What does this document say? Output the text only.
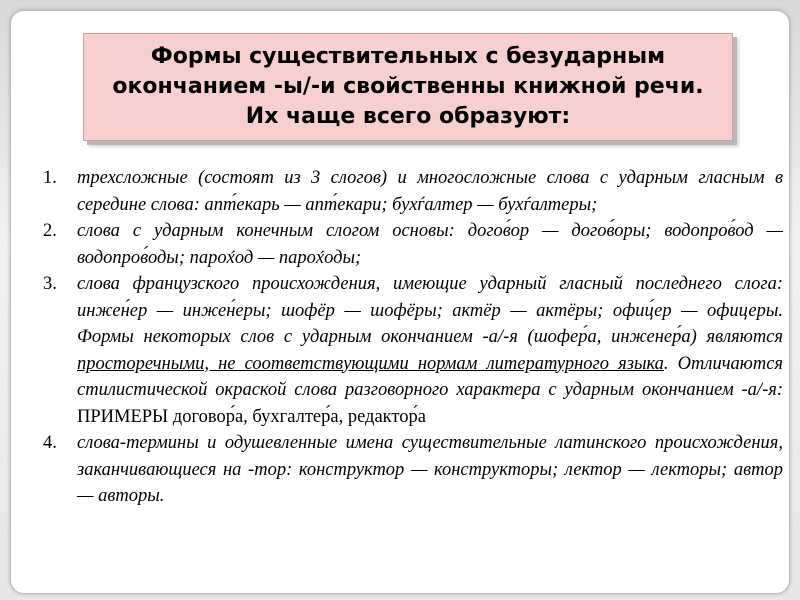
Формы существительных с безударным окончанием -ы/-и свойственны книжной речи. Их чаще всего образуют:
1.	трехсложные (состоят из 3 слогов) и многосложные слова с ударным гласным в середине слова: апт⁠́екарь — апт́екари; бухѓалтер — бухѓалтеры;
2.	слова с ударным конечным слогом основы: догов́ор — догов́оры; водопров́од — водопров́оды; пароx́од — пароx́оды;
3.	слова французского происхождения, имеющие ударный гласный последнего слога: инжен́ер — инжен́еры; шофёр — шофёры; актёр — актёры; офиц́ер — офицеры. Формы некоторых слов с ударным окончанием -а/-я (шофер́а, инженер́а) являются просторечными, не соответствующими нормам литературного языка. Отличаются стилистической окраской слова разговорного характера с ударным окончанием -а/-я: ПРИМЕРЫ договор́а, бухгалтер́а, редактор́а
4.	слова-термины и одушевленные имена существительные латинского происхождения, заканчивающиеся на -тор: конструктор — конструкторы; лектор — лекторы; автор — авторы.
